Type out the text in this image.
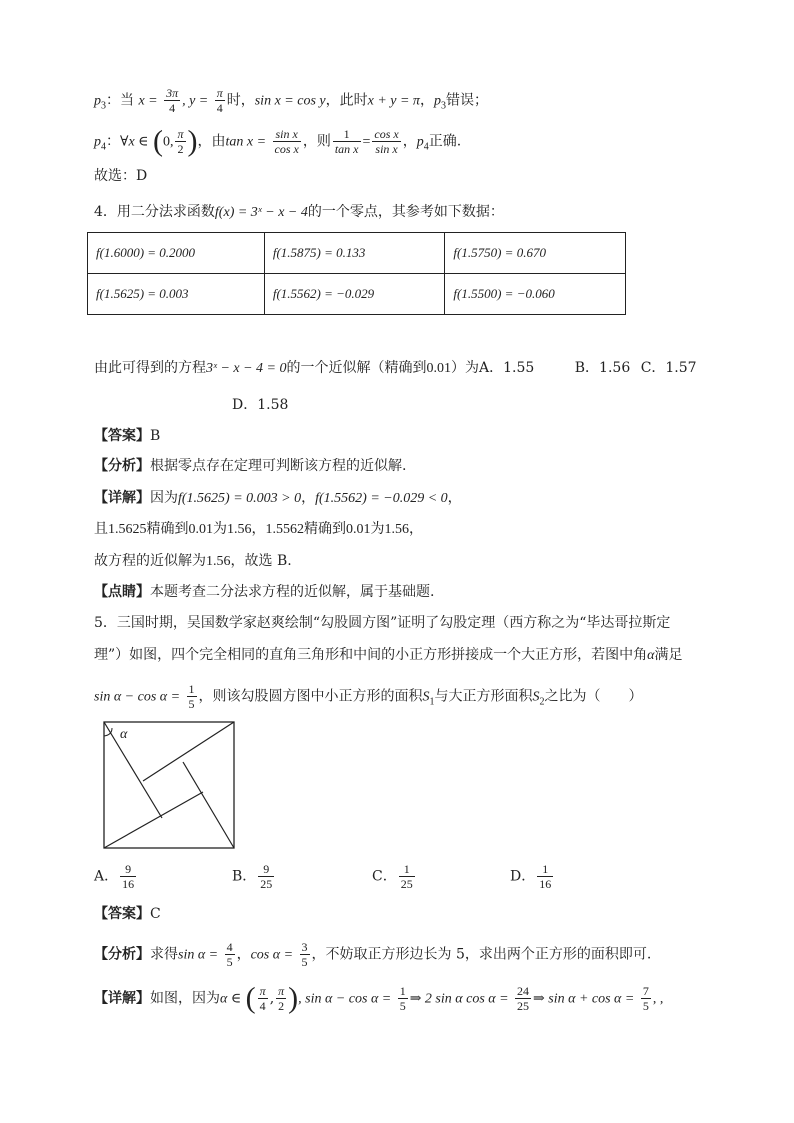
$p_3$：当 $x = \frac{3\pi}{4}$ , $y = \frac{\pi}{4}$ 时，sin x = cos y，此时x + y = π，$p_3$错误；
$p_4$：∀x ∈ (0, $\frac{\pi}{2}$ )，由$\tan x = \frac{\text{sin x}}{\text{cos x}}$ ，则 $\frac{1}{\text{tan x}} = \frac{\text{cos x}}{\text{sin x}}$ ，$p_4$正确.
故选：D
4．用二分法求函数f(x) = 3ˣ − x − 4的一个零点，其参考如下数据：
f(1.6000) = 0.2000	f(1.5875) = 0.133	f(1.5750) = 0.670
f(1.5625) = 0.003	f(1.5562) = −0.029	f(1.5500) = −0.060
由此可得到的方程3ˣ − x − 4 = 0的一个近似解（精确到0.01）为A．1.55	B．1.56 C．1.57
D．1.58
【答案】B
【分析】根据零点存在定理可判断该方程的近似解.
【详解】因为f(1.5625) = 0.003 > 0，f(1.5562) = −0.029 < 0，
且1.5625精确到0.01为1.56，1.5562精确到0.01为1.56，
故方程的近似解为1.56，故选 B.
【点睛】本题考查二分法求方程的近似解，属于基础题.
5．三国时期，吴国数学家赵爽绘制“勾股圆方图”证明了勾股定理（西方称之为“毕达哥拉斯定
理”）如图，四个完全相同的直角三角形和中间的小正方形拼接成一个大正方形，若图中角α满足
$\sin \alpha - \cos \alpha = \frac{1}{5}$ ，则该勾股圆方图中小正方形的面积$S_1$与大正方形面积$S_2$之比为（　　）
α
A． $\frac{9}{16}$	B． $\frac{9}{25}$	C． $\frac{1}{25}$	D． $\frac{1}{16}$
【答案】C
【分析】求得$\sin \alpha = \frac{4}{5}$ ，$\cos \alpha = \frac{3}{5}$ ，不妨取正方形边长为 5，求出两个正方形的面积即可.
【详解】如图，因为α ∈ ( $\frac{\pi}{4}$ , $\frac{\pi}{2}$ ), $\sin \alpha - \cos \alpha = \frac{1}{5}$ ⇒ 2 sin α $\cos \alpha = \frac{24}{25}$ ⇒ $\sin \alpha + \cos \alpha = \frac{7}{5}$ , ,
